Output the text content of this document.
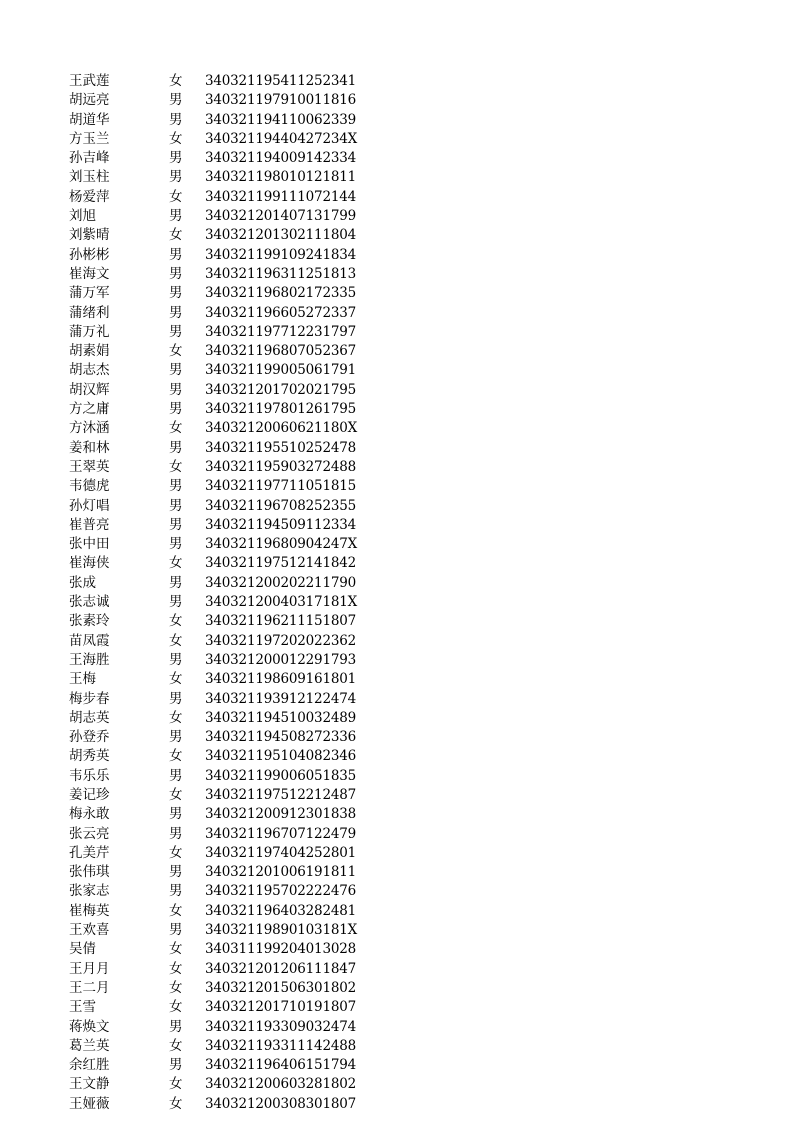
王武莲	女	340321195411252341
胡远亮	男	340321197910011816
胡道华	男	340321194110062339
方玉兰	女	34032119440427234X
孙吉峰	男	340321194009142334
刘玉柱	男	340321198010121811
杨爱萍	女	340321199111072144
刘旭	男	340321201407131799
刘紫晴	女	340321201302111804
孙彬彬	男	340321199109241834
崔海文	男	340321196311251813
蒲万军	男	340321196802172335
蒲绪利	男	340321196605272337
蒲万礼	男	340321197712231797
胡素娟	女	340321196807052367
胡志杰	男	340321199005061791
胡汉辉	男	340321201702021795
方之庸	男	340321197801261795
方沐涵	女	34032120060621180X
姜和林	男	340321195510252478
王翠英	女	340321195903272488
韦德虎	男	340321197711051815
孙灯唱	男	340321196708252355
崔普亮	男	340321194509112334
张中田	男	34032119680904247X
崔海侠	女	340321197512141842
张成	男	340321200202211790
张志诚	男	34032120040317181X
张素玲	女	340321196211151807
苗凤霞	女	340321197202022362
王海胜	男	340321200012291793
王梅	女	340321198609161801
梅步春	男	340321193912122474
胡志英	女	340321194510032489
孙登乔	男	340321194508272336
胡秀英	女	340321195104082346
韦乐乐	男	340321199006051835
姜记珍	女	340321197512212487
梅永敢	男	340321200912301838
张云亮	男	340321196707122479
孔美芹	女	340321197404252801
张伟琪	男	340321201006191811
张家志	男	340321195702222476
崔梅英	女	340321196403282481
王欢喜	男	34032119890103181X
吴倩	女	340311199204013028
王月月	女	340321201206111847
王二月	女	340321201506301802
王雪	女	340321201710191807
蒋焕文	男	340321193309032474
葛兰英	女	340321193311142488
余红胜	男	340321196406151794
王文静	女	340321200603281802
王娅薇	女	340321200308301807
